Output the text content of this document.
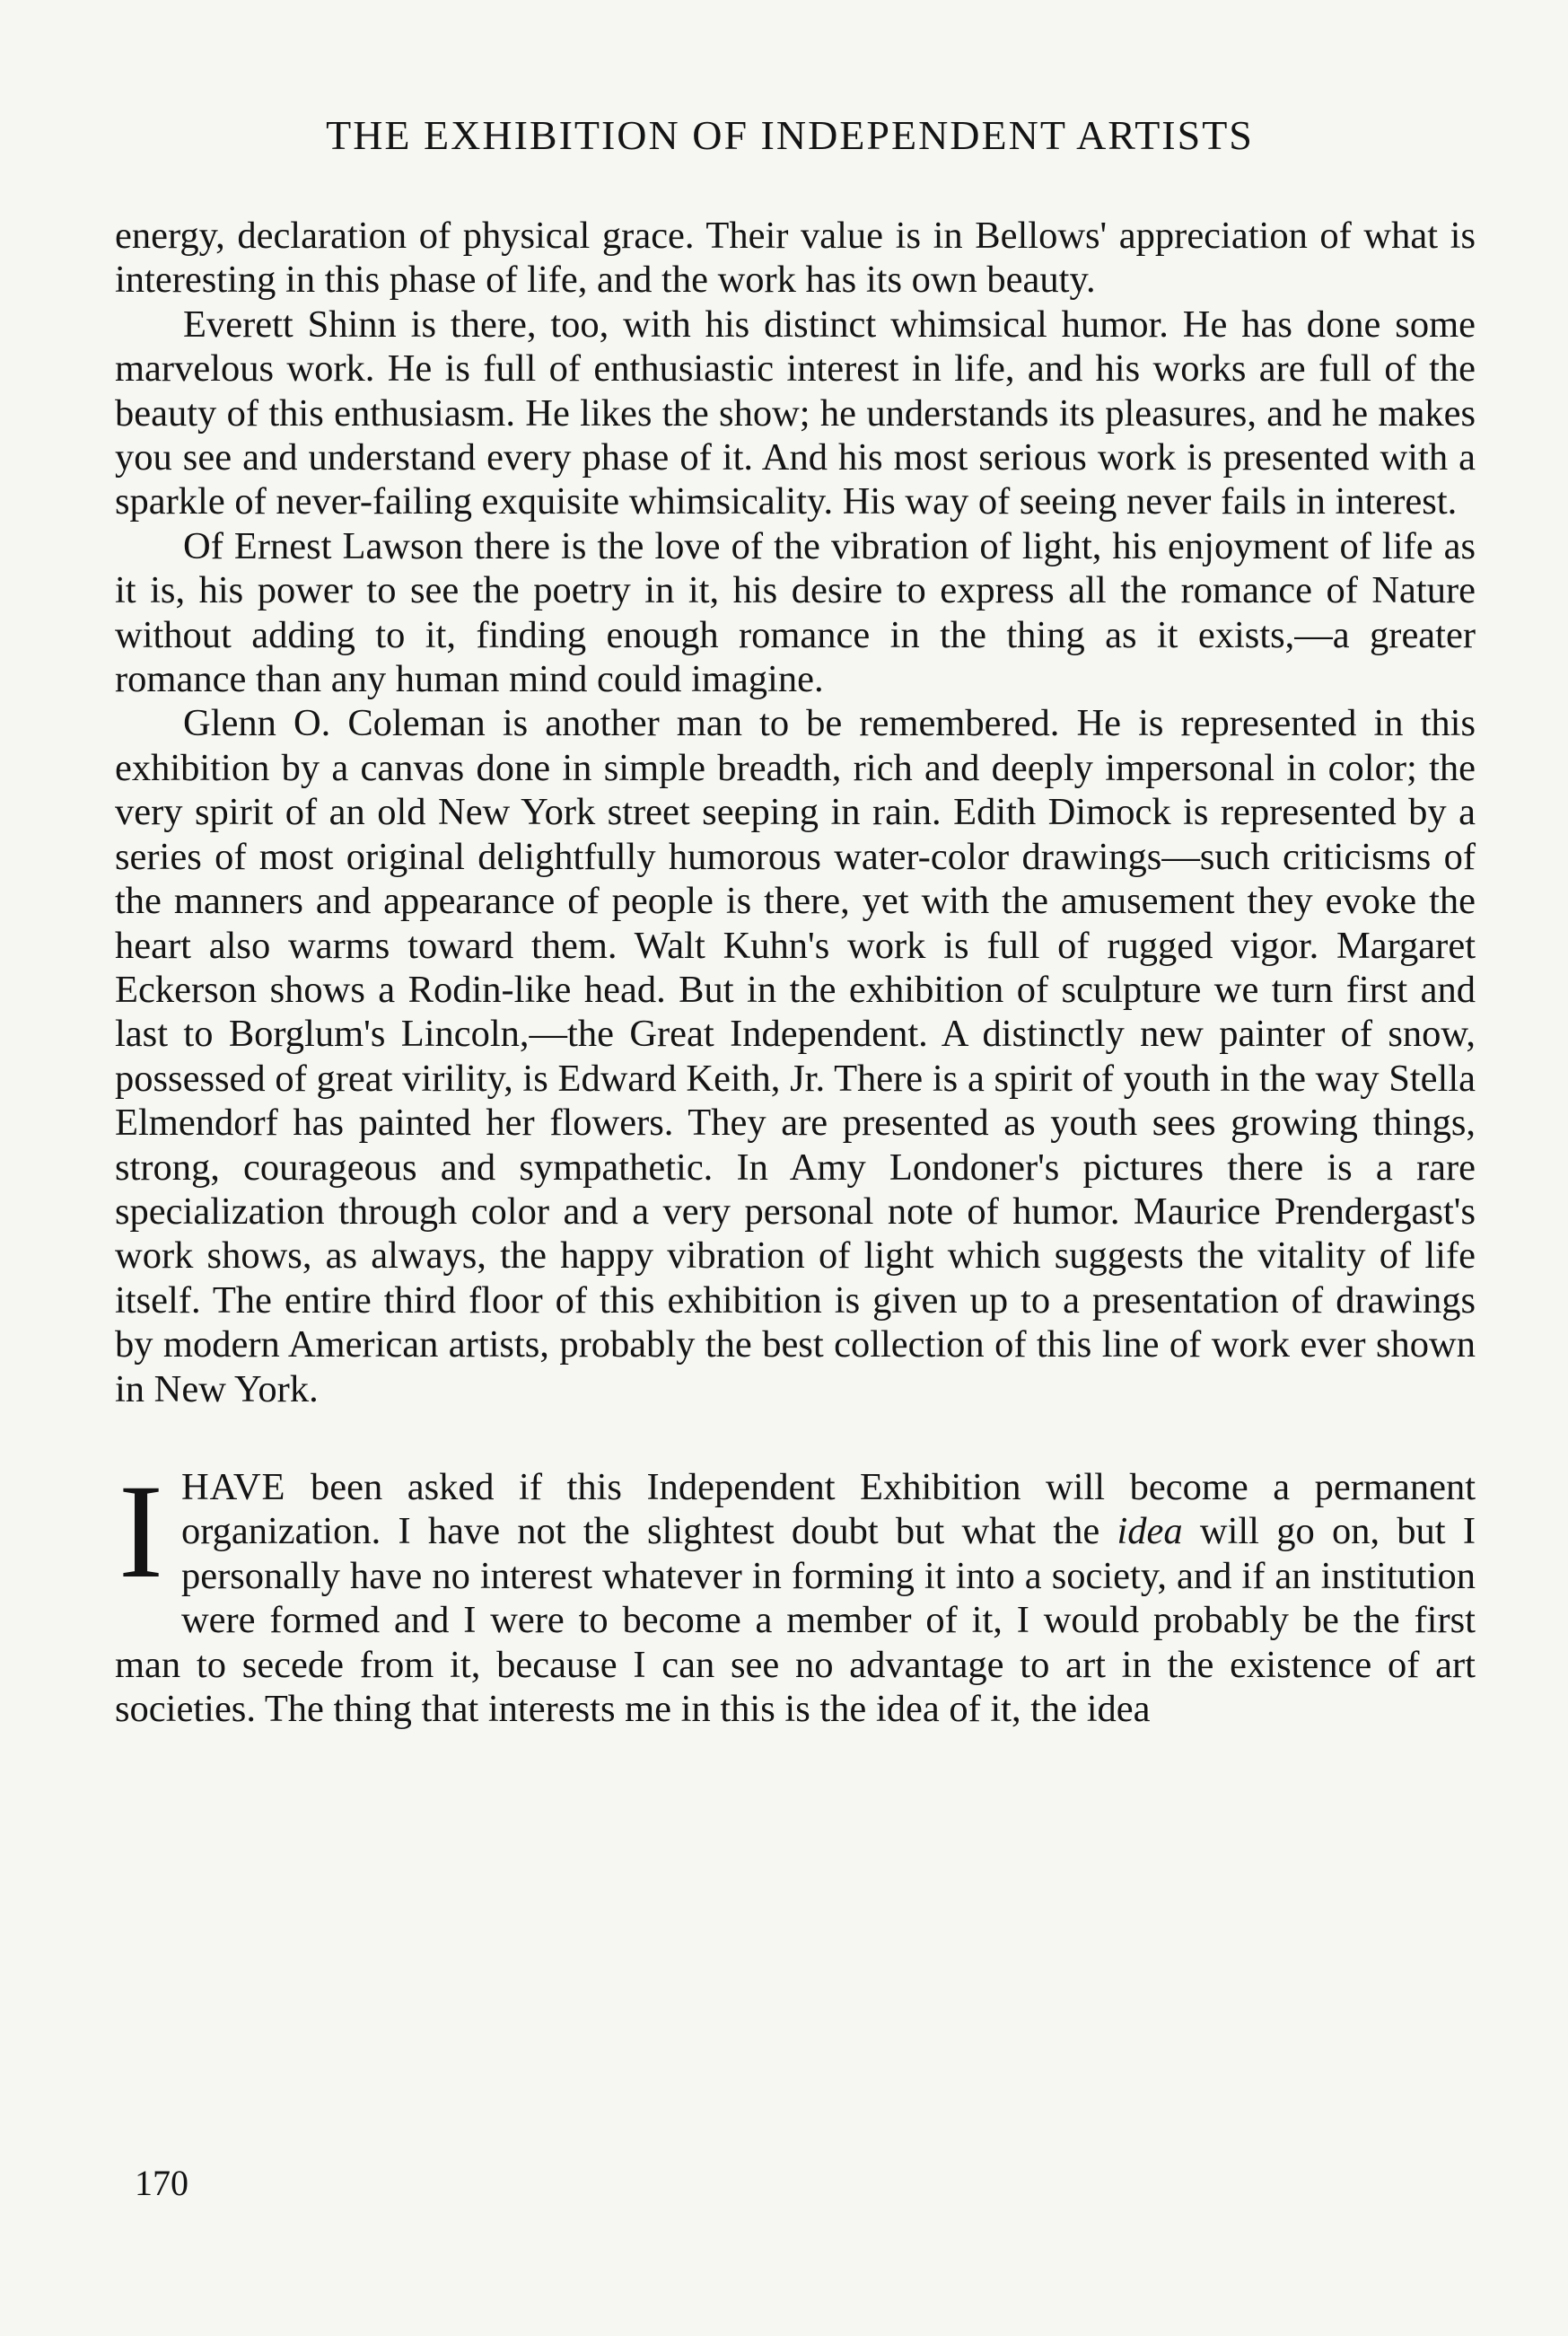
THE EXHIBITION OF INDEPENDENT ARTISTS

energy, declaration of physical grace. Their value is in Bellows' appreciation of what is interesting in this phase of life, and the work has its own beauty.

Everett Shinn is there, too, with his distinct whimsical humor. He has done some marvelous work. He is full of enthusiastic interest in life, and his works are full of the beauty of this enthusiasm. He likes the show; he understands its pleasures, and he makes you see and understand every phase of it. And his most serious work is presented with a sparkle of never-failing exquisite whimsicality. His way of seeing never fails in interest.

Of Ernest Lawson there is the love of the vibration of light, his enjoyment of life as it is, his power to see the poetry in it, his desire to express all the romance of Nature without adding to it, finding enough romance in the thing as it exists,—a greater romance than any human mind could imagine.

Glenn O. Coleman is another man to be remembered. He is represented in this exhibition by a canvas done in simple breadth, rich and deeply impersonal in color; the very spirit of an old New York street seeping in rain. Edith Dimock is represented by a series of most original delightfully humorous water-color drawings—such criticisms of the manners and appearance of people is there, yet with the amusement they evoke the heart also warms toward them. Walt Kuhn's work is full of rugged vigor. Margaret Eckerson shows a Rodin-like head. But in the exhibition of sculpture we turn first and last to Borglum's Lincoln,—the Great Independent. A distinctly new painter of snow, possessed of great virility, is Edward Keith, Jr. There is a spirit of youth in the way Stella Elmendorf has painted her flowers. They are presented as youth sees growing things, strong, courageous and sympathetic. In Amy Londoner's pictures there is a rare specialization through color and a very personal note of humor. Maurice Prendergast's work shows, as always, the happy vibration of light which suggests the vitality of life itself. The entire third floor of this exhibition is given up to a presentation of drawings by modern American artists, probably the best collection of this line of work ever shown in New York.

IHAVE been asked if this Independent Exhibition will become a permanent organization. I have not the slightest doubt but what the idea will go on, but I personally have no interest whatever in forming it into a society, and if an institution were formed and I were to become a member of it, I would probably be the first man to secede from it, because I can see no advantage to art in the existence of art societies. The thing that interests me in this is the idea of it, the idea

170
